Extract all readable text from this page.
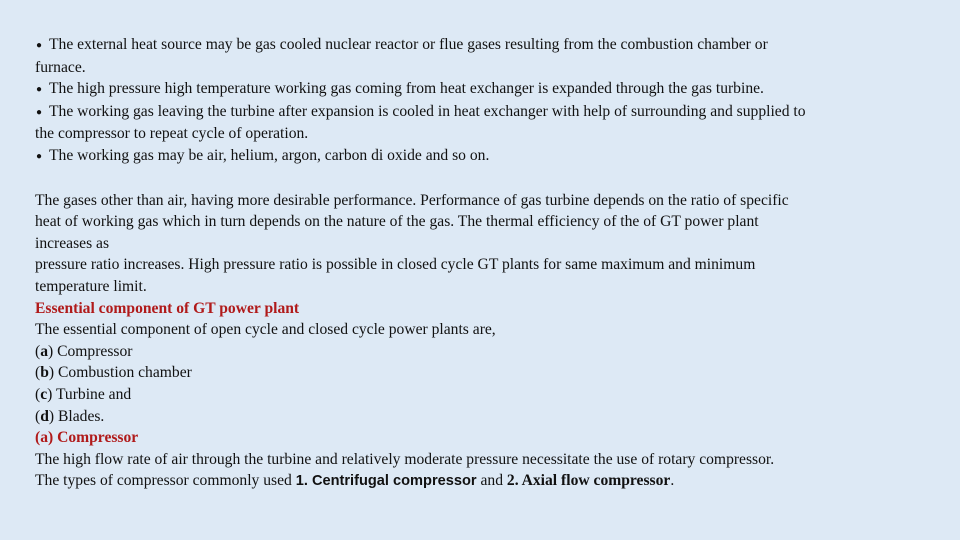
● The external heat source may be gas cooled nuclear reactor or flue gases resulting from the combustion chamber or
furnace.
● The high pressure high temperature working gas coming from heat exchanger is expanded through the gas turbine.
● The working gas leaving the turbine after expansion is cooled in heat exchanger with help of surrounding and supplied to
the compressor to repeat cycle of operation.
● The working gas may be air, helium, argon, carbon di oxide and so on.
The gases other than air, having more desirable performance. Performance of gas turbine depends on the ratio of specific
heat of working gas which in turn depends on the nature of the gas. The thermal efficiency of the of GT power plant
increases as
pressure ratio increases. High pressure ratio is possible in closed cycle GT plants for same maximum and minimum
temperature limit.
Essential component of GT power plant
The essential component of open cycle and closed cycle power plants are,
(a) Compressor
(b) Combustion chamber
(c) Turbine and
(d) Blades.
(a) Compressor
The high flow rate of air through the turbine and relatively moderate pressure necessitate the use of rotary compressor.
The types of compressor commonly used 1. Centrifugal compressor and 2. Axial flow compressor.
